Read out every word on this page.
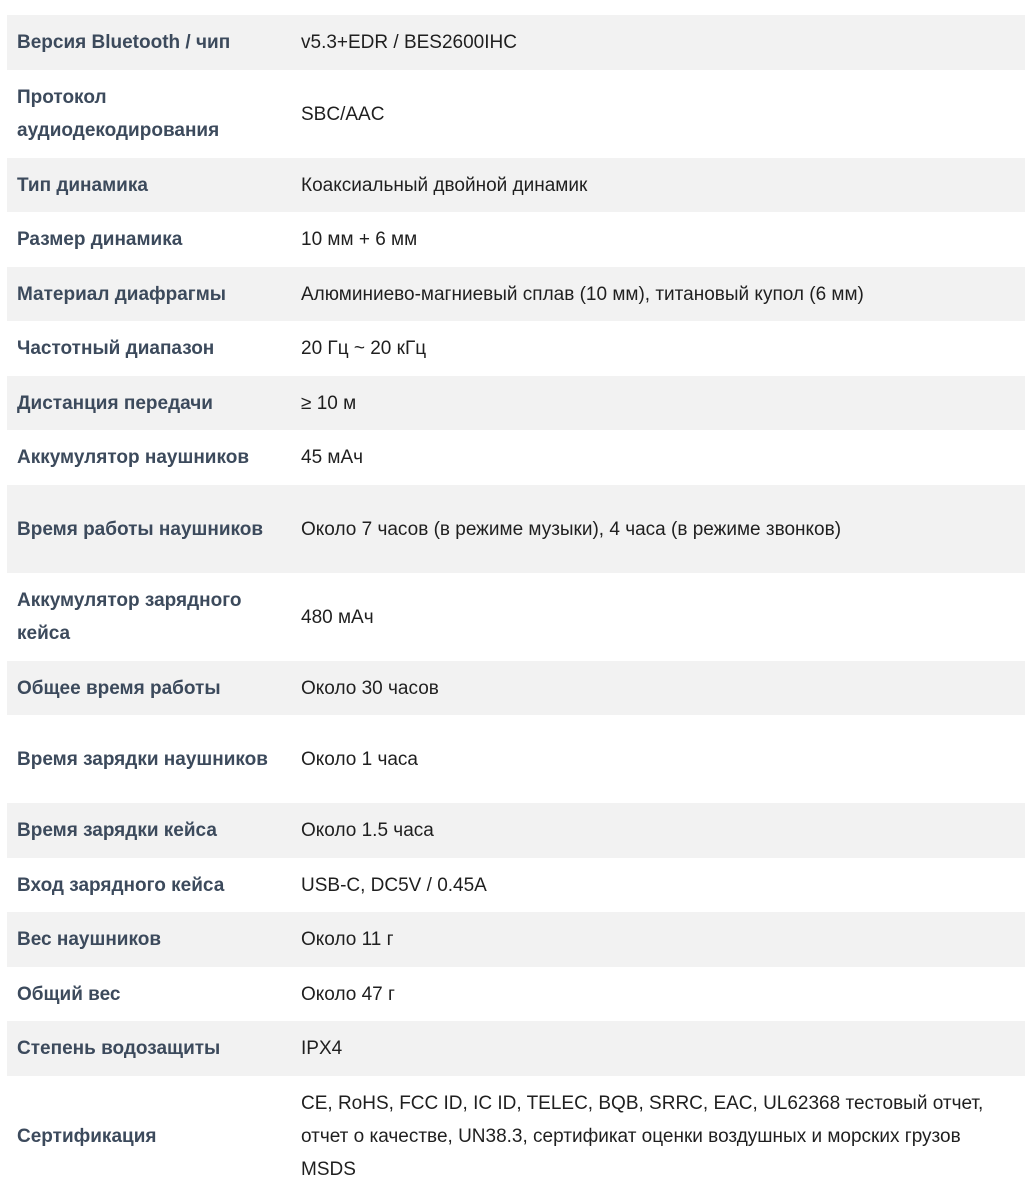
Версия Bluetooth / чип	v5.3+EDR / BES2600IHC
Протокол аудиодекодирования	SBC/AAC
Тип динамика	Коаксиальный двойной динамик
Размер динамика	10 мм + 6 мм
Материал диафрагмы	Алюминиево-магниевый сплав (10 мм), титановый купол (6 мм)
Частотный диапазон	20 Гц ~ 20 кГц
Дистанция передачи	≥ 10 м
Аккумулятор наушников	45 мАч
Время работы наушников	Около 7 часов (в режиме музыки), 4 часа (в режиме звонков)
Аккумулятор зарядного кейса	480 мАч
Общее время работы	Около 30 часов
Время зарядки наушников	Около 1 часа
Время зарядки кейса	Около 1.5 часа
Вход зарядного кейса	USB-C, DC5V / 0.45A
Вес наушников	Около 11 г
Общий вес	Около 47 г
Степень водозащиты	IPX4
Сертификация	CE, RoHS, FCC ID, IC ID, TELEC, BQB, SRRC, EAC, UL62368 тестовый отчет, отчет о качестве, UN38.3, сертификат оценки воздушных и морских грузов MSDS
